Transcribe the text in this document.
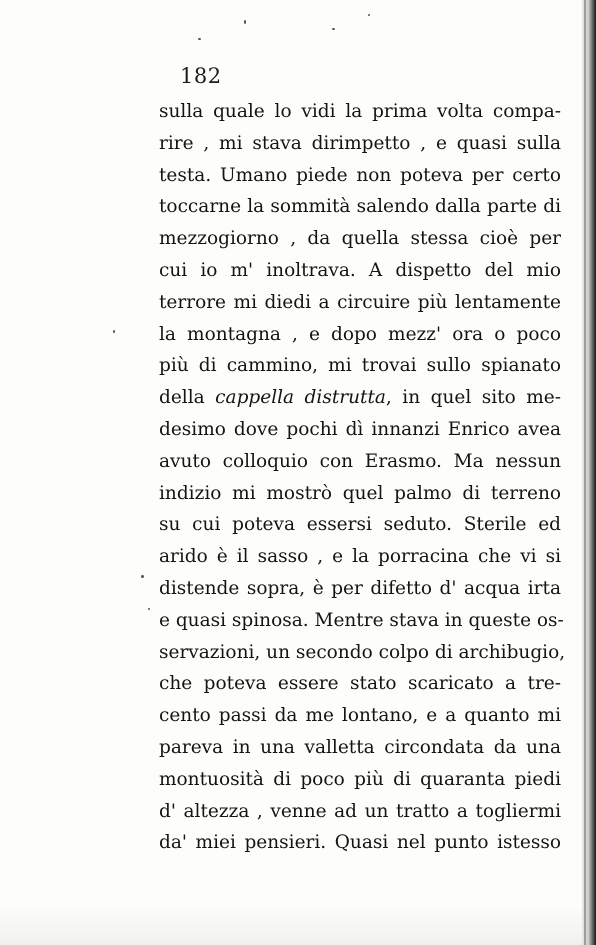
182
sulla quale lo vidi la prima volta compa-
rire , mi stava dirimpetto , e quasi sulla
testa. Umano piede non poteva per certo
toccarne la sommità salendo dalla parte di
mezzogiorno , da quella stessa cioè per
cui io m' inoltrava. A dispetto del mio
terrore mi diedi a circuire più lentamente
la montagna , e dopo mezz' ora o poco
più di cammino, mi trovai sullo spianato
della cappella distrutta, in quel sito me-
desimo dove pochi dì innanzi Enrico avea
avuto colloquio con Erasmo. Ma nessun
indizio mi mostrò quel palmo di terreno
su cui poteva essersi seduto. Sterile ed
arido è il sasso , e la porracina che vi si
distende sopra, è per difetto d' acqua irta
e quasi spinosa. Mentre stava in queste os-
servazioni, un secondo colpo di archibugio,
che poteva essere stato scaricato a tre-
cento passi da me lontano, e a quanto mi
pareva in una valletta circondata da una
montuosità di poco più di quaranta piedi
d' altezza , venne ad un tratto a togliermi
da' miei pensieri. Quasi nel punto istesso
